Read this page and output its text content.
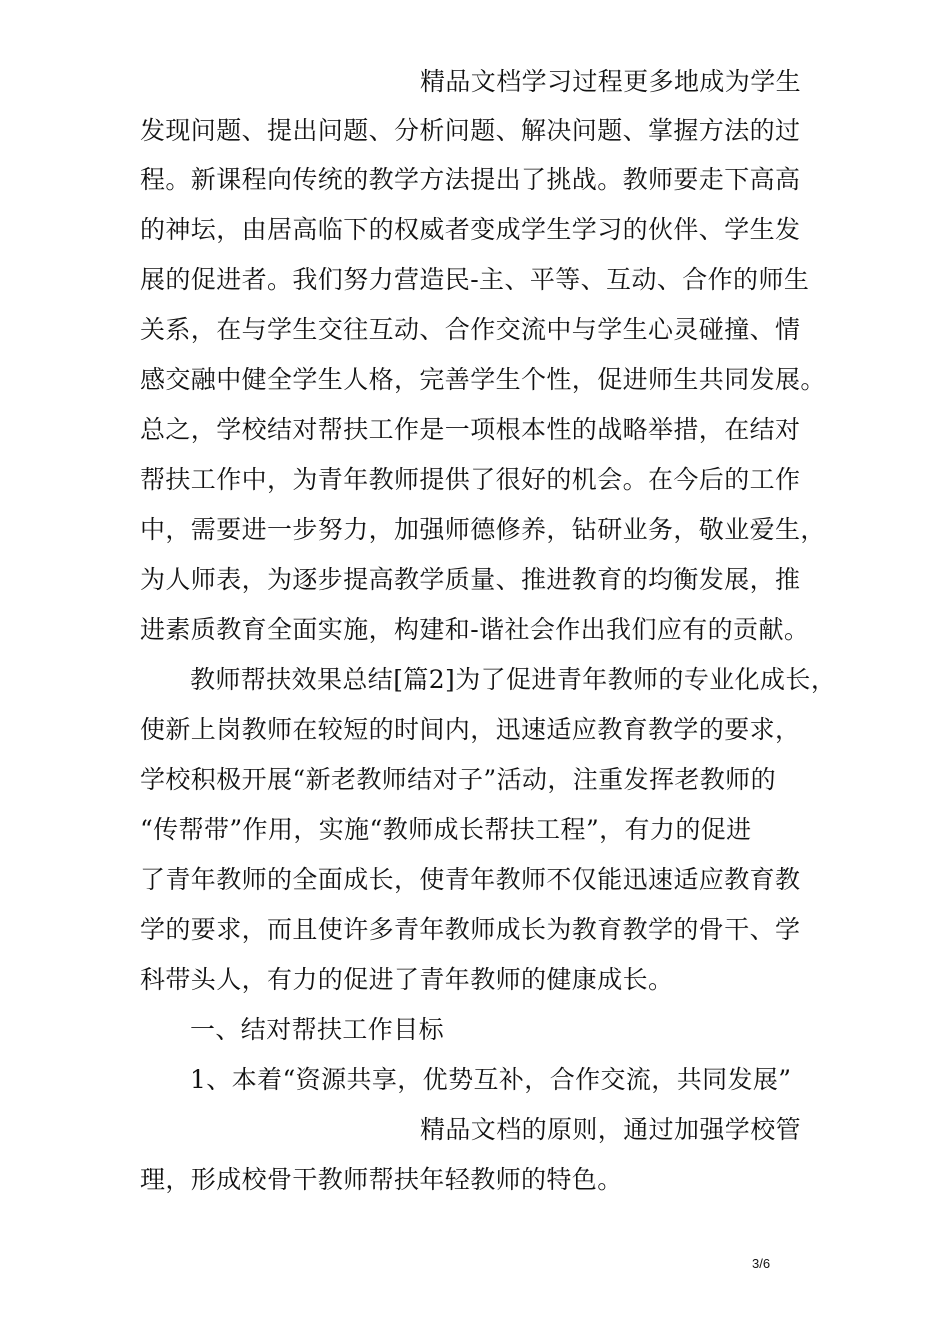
精品文档学习过程更多地成为学生

发现问题、提出问题、分析问题、解决问题、掌握方法的过

程。新课程向传统的教学方法提出了挑战。教师要走下高高

的神坛，由居高临下的权威者变成学生学习的伙伴、学生发

展的促进者。我们努力营造民-主、平等、互动、合作的师生

关系，在与学生交往互动、合作交流中与学生心灵碰撞、情

感交融中健全学生人格，完善学生个性，促进师生共同发展。

总之，学校结对帮扶工作是一项根本性的战略举措，在结对

帮扶工作中，为青年教师提供了很好的机会。在今后的工作

中，需要进一步努力，加强师德修养，钻研业务，敬业爱生，

为人师表，为逐步提高教学质量、推进教育的均衡发展，推

进素质教育全面实施，构建和-谐社会作出我们应有的贡献。

教师帮扶效果总结[篇2]为了促进青年教师的专业化成长，

使新上岗教师在较短的时间内，迅速适应教育教学的要求，

学校积极开展“新老教师结对子”活动，注重发挥老教师的

“传帮带”作用，实施“教师成长帮扶工程”，有力的促进

了青年教师的全面成长，使青年教师不仅能迅速适应教育教

学的要求，而且使许多青年教师成长为教育教学的骨干、学

科带头人，有力的促进了青年教师的健康成长。

一、结对帮扶工作目标

1、本着“资源共享，优势互补，合作交流，共同发展”

精品文档的原则，通过加强学校管

理，形成校骨干教师帮扶年轻教师的特色。

3/6
